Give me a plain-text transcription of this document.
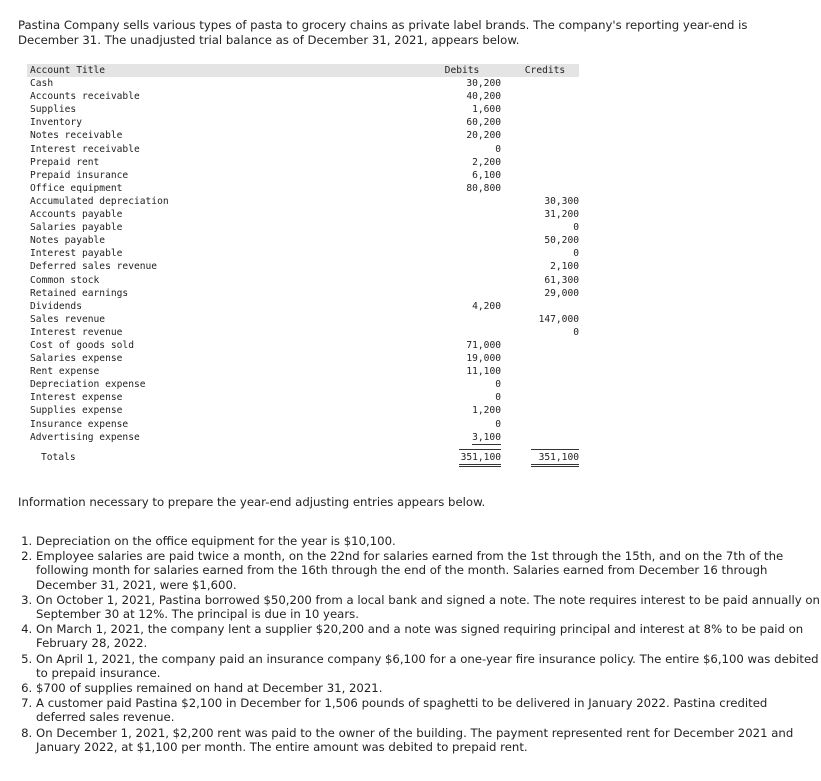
Pastina Company sells various types of pasta to grocery chains as private label brands. The company's reporting year-end is December 31. The unadjusted trial balance as of December 31, 2021, appears below.

Account Title	Debits	Credits
Cash	30,200	
Accounts receivable	40,200	
Supplies	1,600	
Inventory	60,200	
Notes receivable	20,200	
Interest receivable	0	
Prepaid rent	2,200	
Prepaid insurance	6,100	
Office equipment	80,800	
Accumulated depreciation		30,300
Accounts payable		31,200
Salaries payable		0
Notes payable		50,200
Interest payable		0
Deferred sales revenue		2,100
Common stock		61,300
Retained earnings		29,000
Dividends	4,200	
Sales revenue		147,000
Interest revenue		0
Cost of goods sold	71,000	
Salaries expense	19,000	
Rent expense	11,100	
Depreciation expense	0	
Interest expense	0	
Supplies expense	1,200	
Insurance expense	0	
Advertising expense	3,100	
Totals	351,100	351,100

Information necessary to prepare the year-end adjusting entries appears below.

1. Depreciation on the office equipment for the year is $10,100.
2. Employee salaries are paid twice a month, on the 22nd for salaries earned from the 1st through the 15th, and on the 7th of the following month for salaries earned from the 16th through the end of the month. Salaries earned from December 16 through December 31, 2021, were $1,600.
3. On October 1, 2021, Pastina borrowed $50,200 from a local bank and signed a note. The note requires interest to be paid annually on September 30 at 12%. The principal is due in 10 years.
4. On March 1, 2021, the company lent a supplier $20,200 and a note was signed requiring principal and interest at 8% to be paid on February 28, 2022.
5. On April 1, 2021, the company paid an insurance company $6,100 for a one-year fire insurance policy. The entire $6,100 was debited to prepaid insurance.
6. $700 of supplies remained on hand at December 31, 2021.
7. A customer paid Pastina $2,100 in December for 1,506 pounds of spaghetti to be delivered in January 2022. Pastina credited deferred sales revenue.
8. On December 1, 2021, $2,200 rent was paid to the owner of the building. The payment represented rent for December 2021 and January 2022, at $1,100 per month. The entire amount was debited to prepaid rent.
